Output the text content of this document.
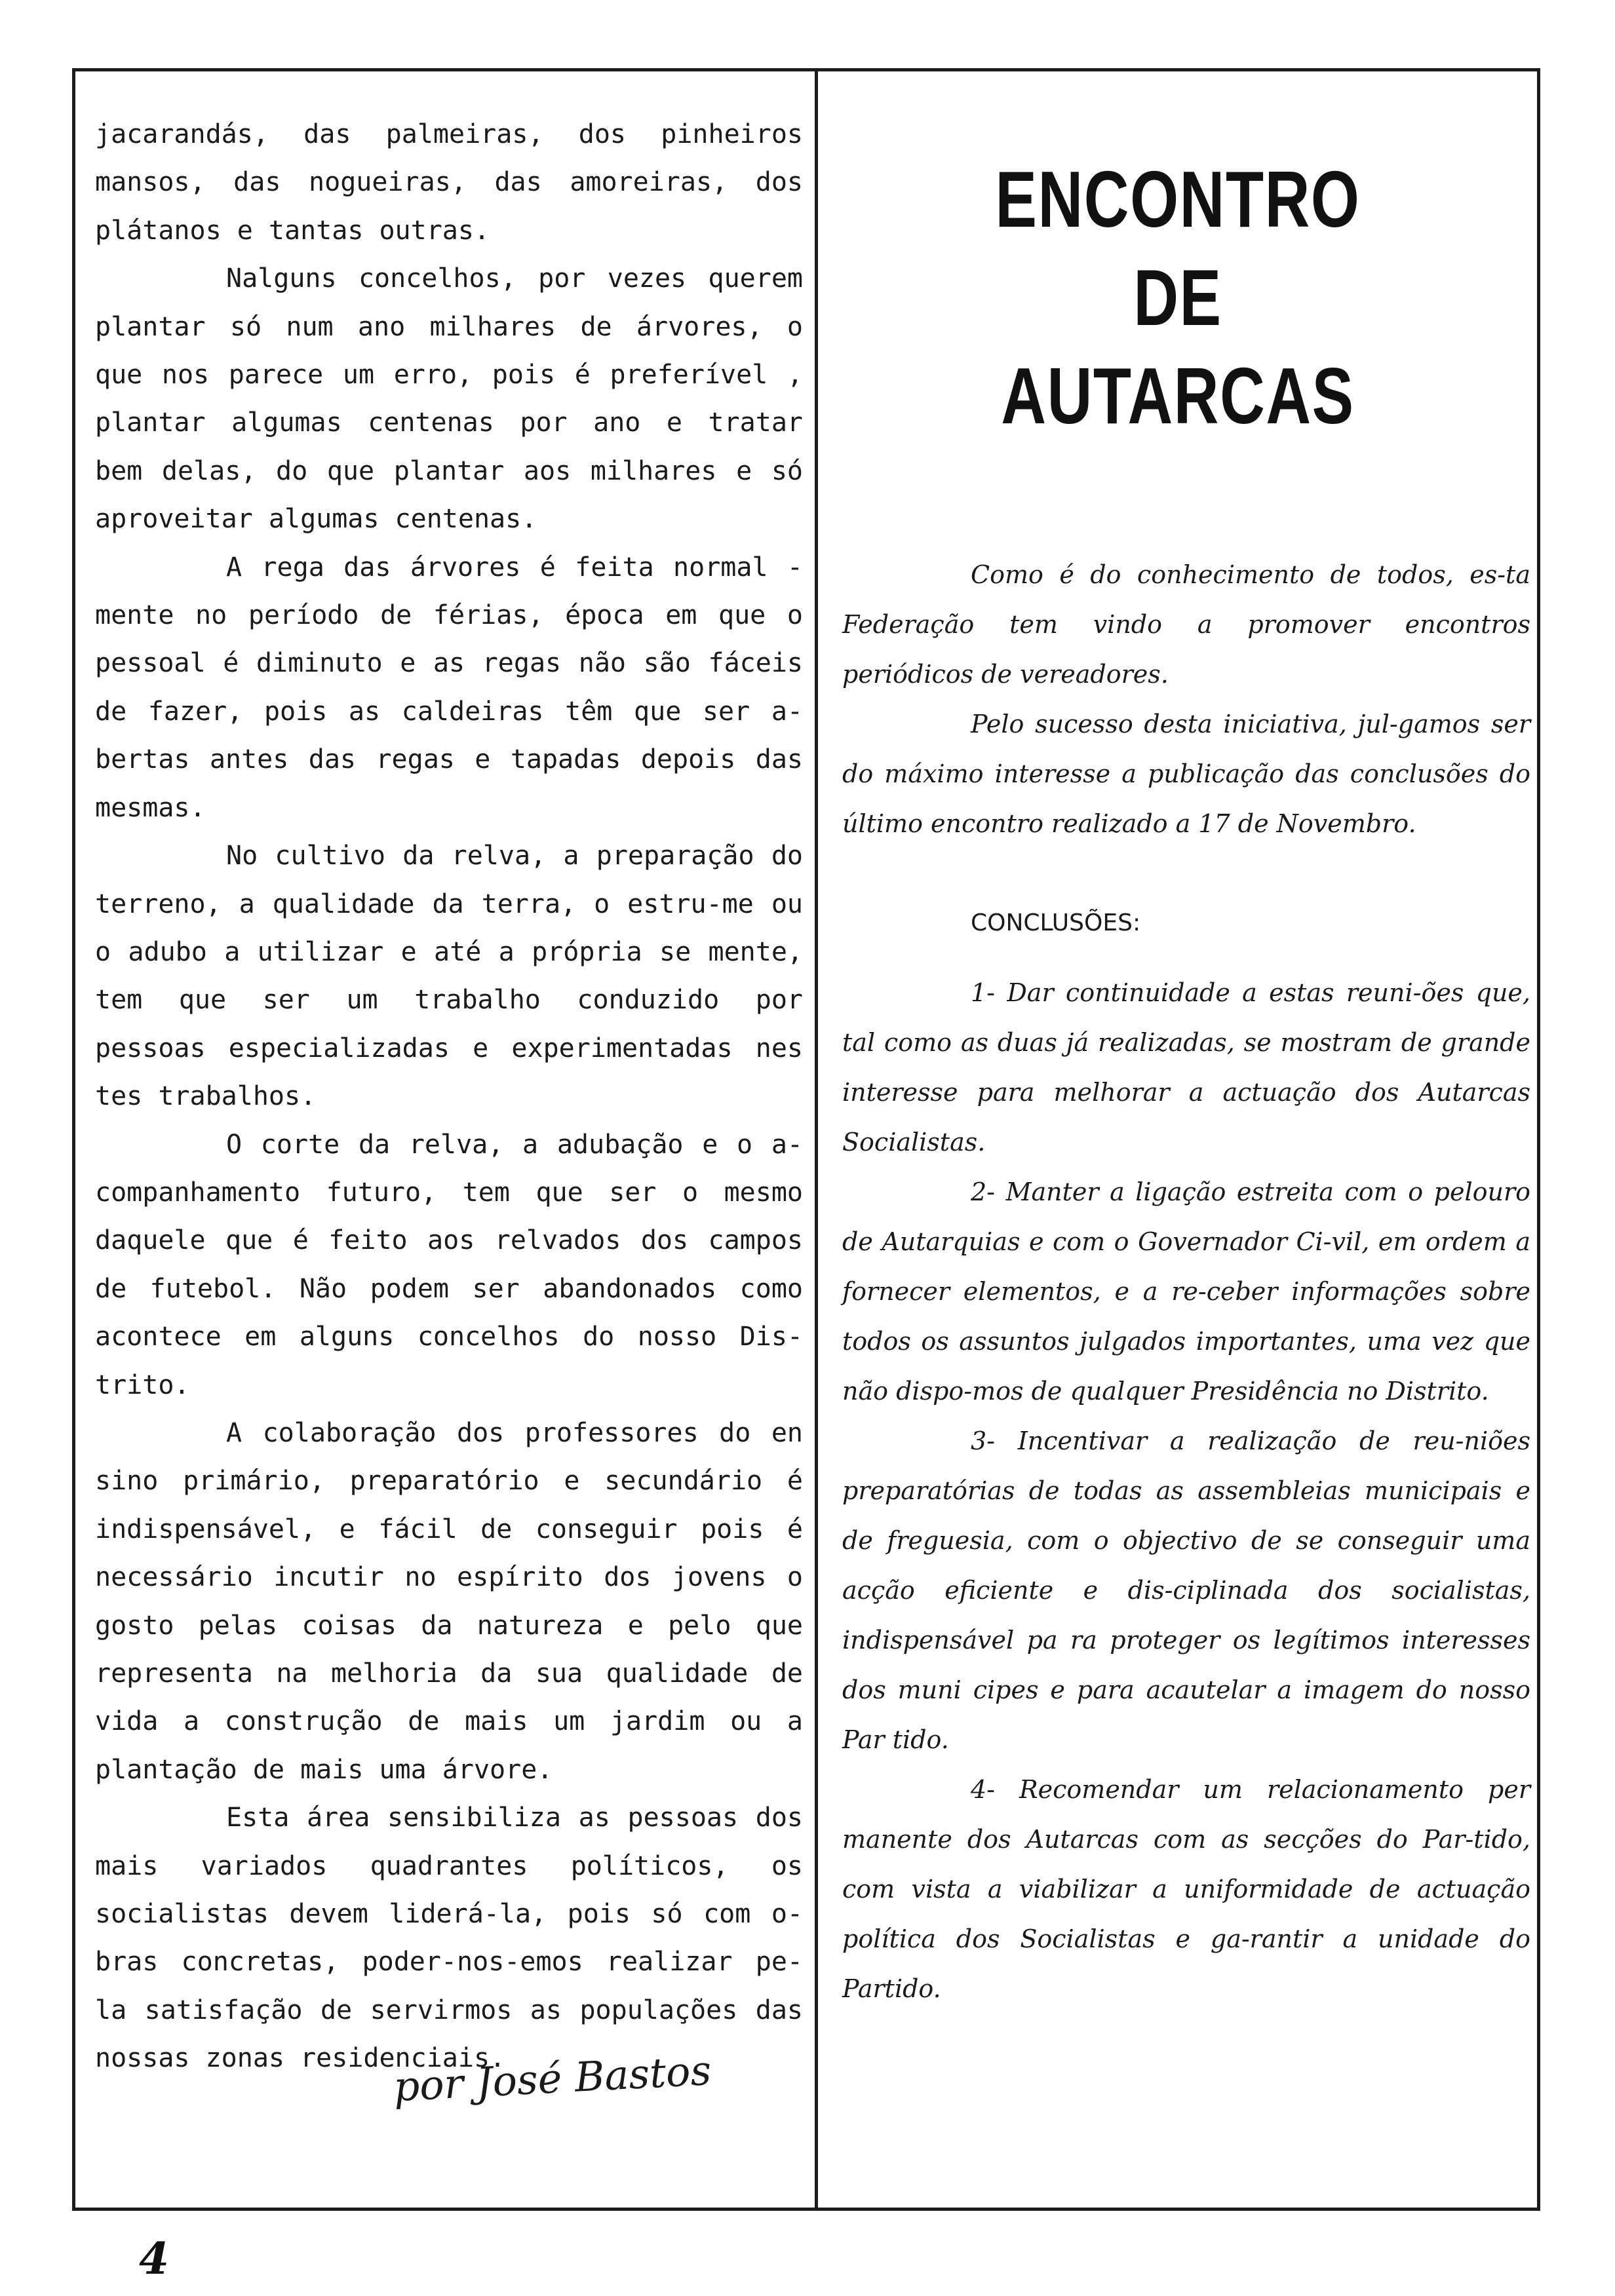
jacarandás, das palmeiras, dos pinheiros mansos, das nogueiras, das amoreiras, dos plátanos e tantas outras.

Nalguns concelhos, por vezes querem plantar só num ano milhares de árvores, o que nos parece um erro, pois é preferível , plantar algumas centenas por ano e tratar bem delas, do que plantar aos milhares e só aproveitar algumas centenas.

A rega das árvores é feita normal - mente no período de férias, época em que o pessoal é diminuto e as regas não são fáceis de fazer, pois as caldeiras têm que ser a-bertas antes das regas e tapadas depois das mesmas.

No cultivo da relva, a preparação do terreno, a qualidade da terra, o estru-me ou o adubo a utilizar e até a própria se mente, tem que ser um trabalho conduzido por pessoas especializadas e experimentadas nes tes trabalhos.

O corte da relva, a adubação e o a-companhamento futuro, tem que ser o mesmo daquele que é feito aos relvados dos campos de futebol. Não podem ser abandonados como acontece em alguns concelhos do nosso Dis-trito.

A colaboração dos professores do en sino primário, preparatório e secundário é indispensável, e fácil de conseguir pois é necessário incutir no espírito dos jovens o gosto pelas coisas da natureza e pelo que representa na melhoria da sua qualidade de vida a construção de mais um jardim ou a plantação de mais uma árvore.

Esta área sensibiliza as pessoas dos mais variados quadrantes políticos, os socialistas devem liderá-la, pois só com o-bras concretas, poder-nos-emos realizar pe-la satisfação de servirmos as populações das nossas zonas residenciais.

ENCONTRO
DE
AUTARCAS

Como é do conhecimento de todos, es-ta Federação tem vindo a promover encontros periódicos de vereadores.

Pelo sucesso desta iniciativa, jul-gamos ser do máximo interesse a publicação das conclusões do último encontro realizado a 17 de Novembro.

CONCLUSÕES:

1- Dar continuidade a estas reuni-ões que, tal como as duas já realizadas, se mostram de grande interesse para melhorar a actuação dos Autarcas Socialistas.

2- Manter a ligação estreita com o pelouro de Autarquias e com o Governador Ci-vil, em ordem a fornecer elementos, e a re-ceber informações sobre todos os assuntos julgados importantes, uma vez que não dispo-mos de qualquer Presidência no Distrito.

3- Incentivar a realização de reu-niões preparatórias de todas as assembleias municipais e de freguesia, com o objectivo de se conseguir uma acção eficiente e dis-ciplinada dos socialistas, indispensável pa ra proteger os legítimos interesses dos muni cipes e para acautelar a imagem do nosso Par tido.

4- Recomendar um relacionamento per manente dos Autarcas com as secções do Par-tido, com vista a viabilizar a uniformidade de actuação política dos Socialistas e ga-rantir a unidade do Partido.

por José Bastos
4
